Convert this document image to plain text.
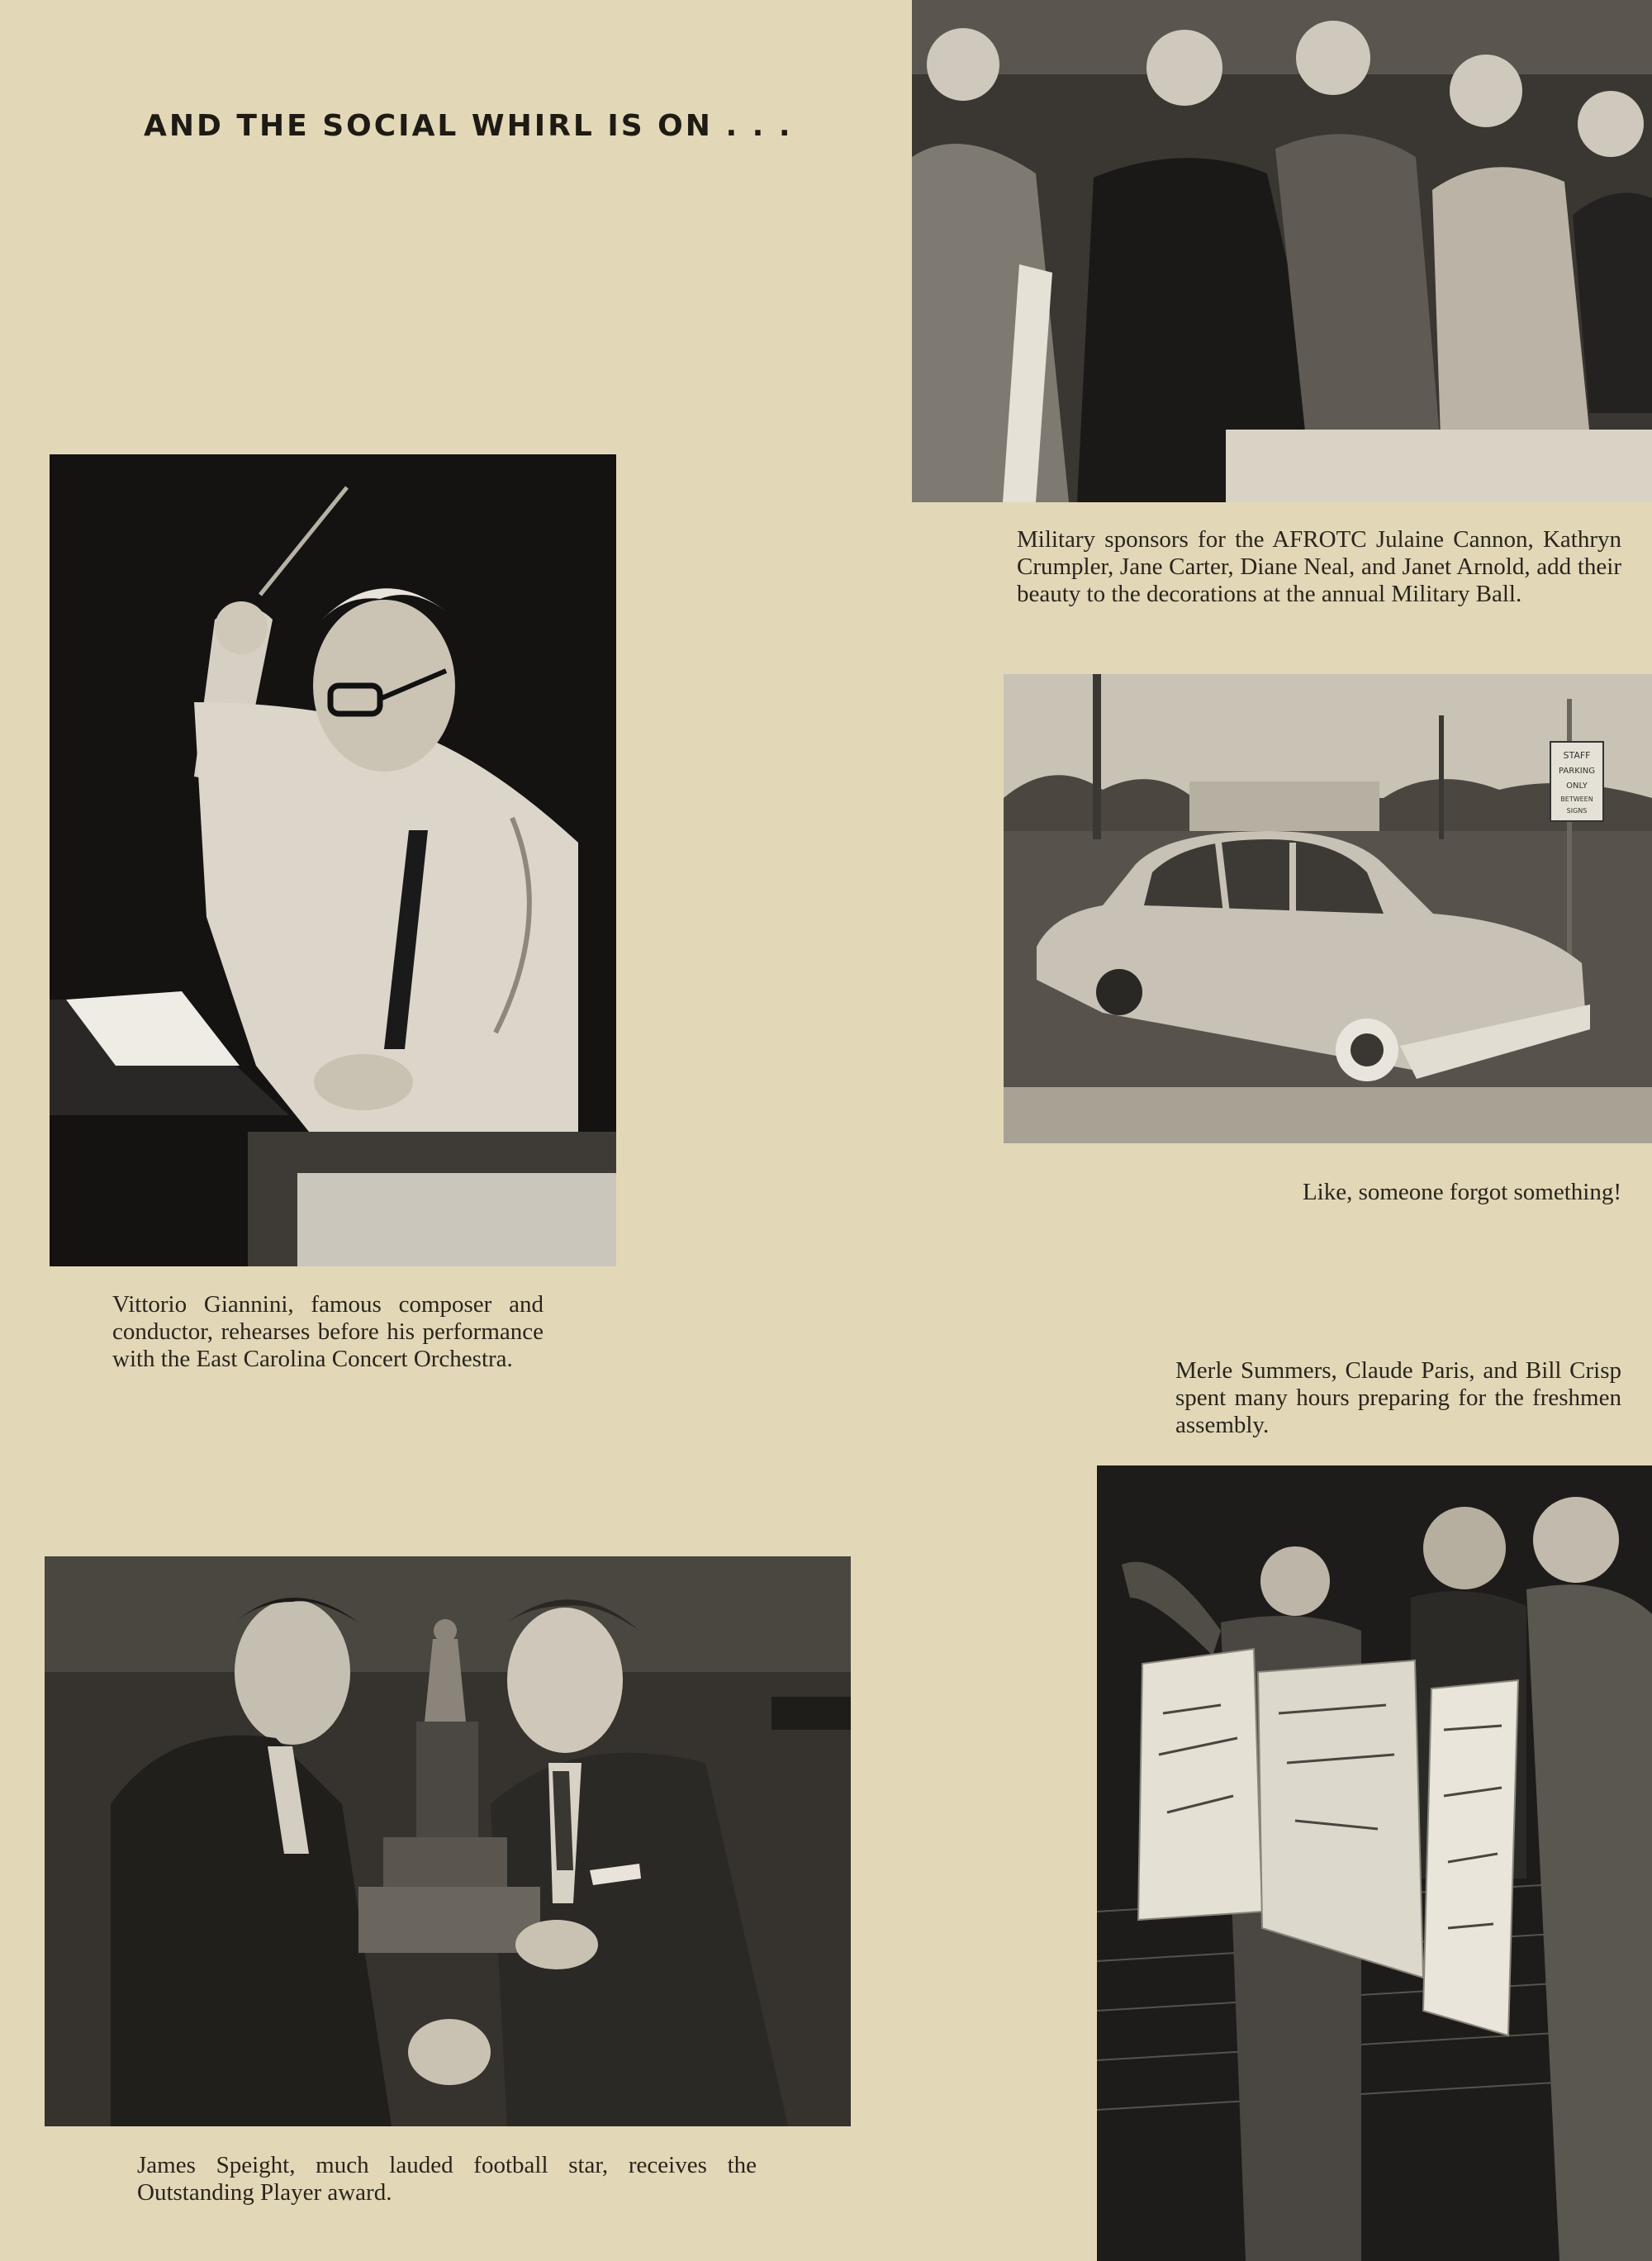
AND THE SOCIAL WHIRL IS ON . . .
Military sponsors for the AFROTC Julaine Cannon, Kathryn Crumpler, Jane Carter, Diane Neal, and Janet Arnold, add their beauty to the decorations at the annual Military Ball.
Vittorio Giannini, famous composer and conductor, rehearses before his performance with the East Carolina Concert Orchestra.
STAFF
PARKING
ONLY
BETWEEN
SIGNS
Like, someone forgot something!
Merle Summers, Claude Paris, and Bill Crisp spent many hours preparing for the freshmen assembly.
James Speight, much lauded football star, receives the Outstanding Player award.
